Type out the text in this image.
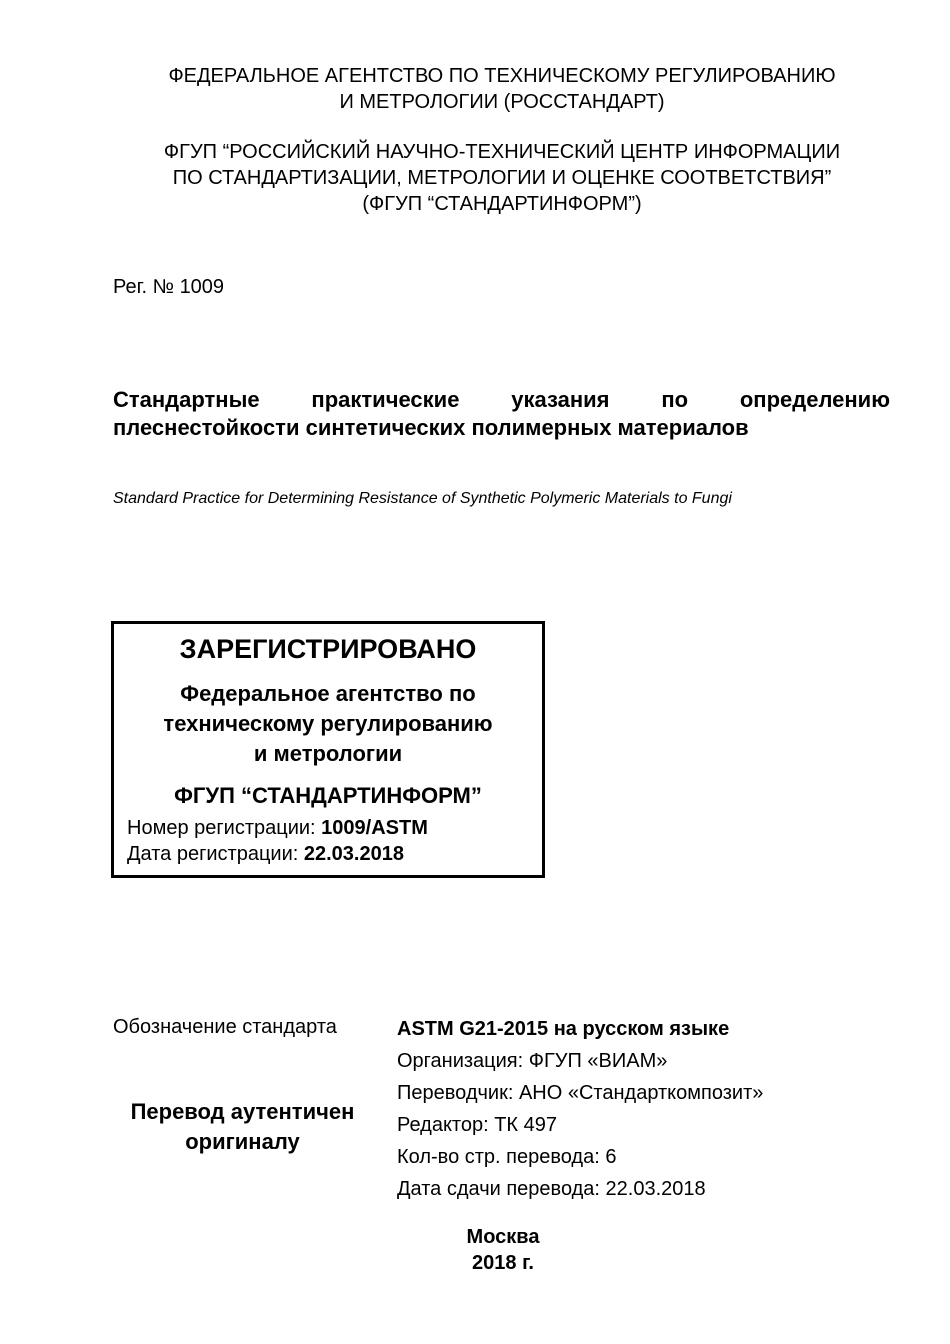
ФЕДЕРАЛЬНОЕ АГЕНТСТВО ПО ТЕХНИЧЕСКОМУ РЕГУЛИРОВАНИЮ
И МЕТРОЛОГИИ (РОССТАНДАРТ)
ФГУП “РОССИЙСКИЙ НАУЧНО-ТЕХНИЧЕСКИЙ ЦЕНТР ИНФОРМАЦИИ
ПО СТАНДАРТИЗАЦИИ, МЕТРОЛОГИИ И ОЦЕНКЕ СООТВЕТСТВИЯ”
(ФГУП “СТАНДАРТИНФОРМ”)
Рег. № 1009
Стандартные практические указания по определению
плеснестойкости синтетических полимерных материалов
Standard Practice for Determining Resistance of Synthetic Polymeric Materials to Fungi
ЗАРЕГИСТРИРОВАНО
Федеральное агентство по
техническому регулированию
и метрологии
ФГУП “СТАНДАРТИНФОРМ”
Номер регистрации: 1009/ASTM
Дата регистрации: 22.03.2018
Обозначение стандарта
Перевод аутентичен
оригиналу
ASTM G21-2015 на русском языке
Организация: ФГУП «ВИАМ»
Переводчик: АНО «Стандарткомпозит»
Редактор: ТК 497
Кол-во стр. перевода: 6
Дата сдачи перевода: 22.03.2018
Москва
2018 г.
